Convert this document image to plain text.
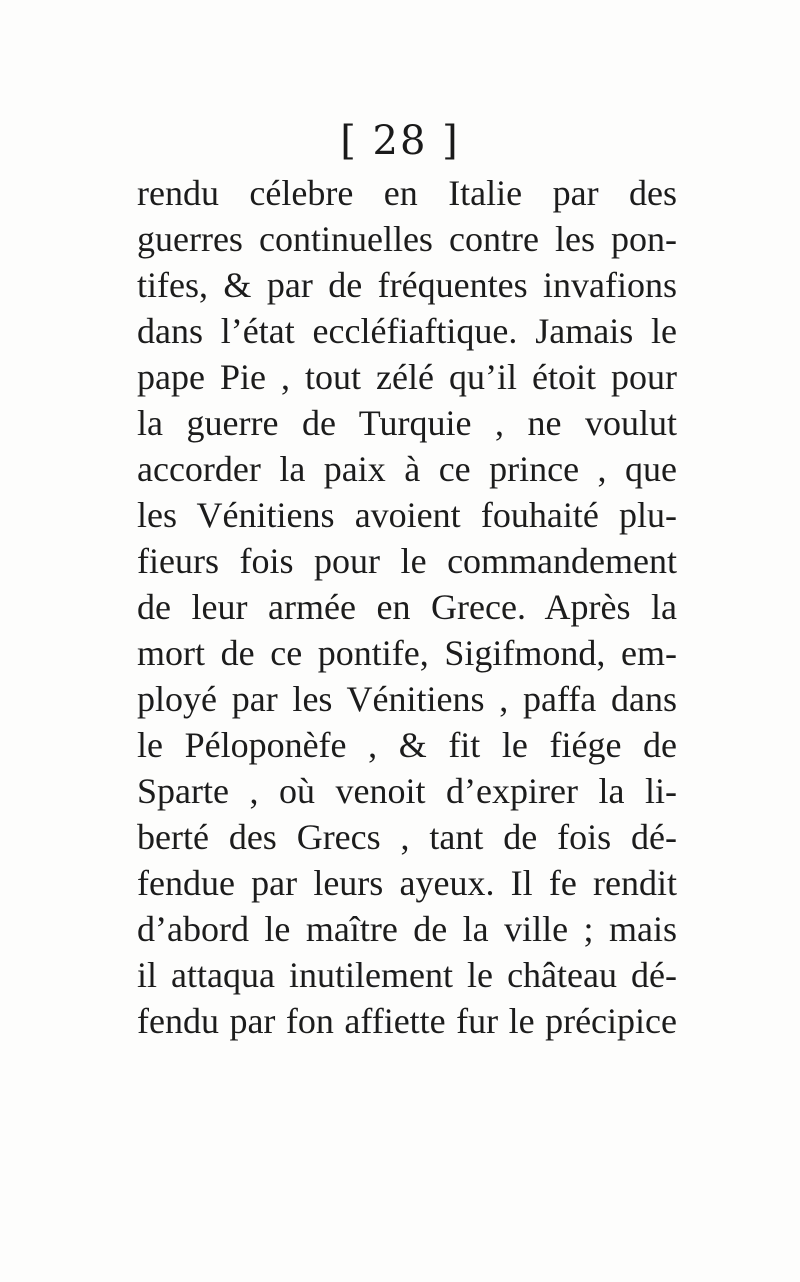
[ 28 ]
rendu célebre en Italie par des
guerres continuelles contre les pon-
tifes, & par de fréquentes invafions
dans l’état eccléfiaftique. Jamais le
pape Pie , tout zélé qu’il étoit pour
la guerre de Turquie , ne voulut
accorder la paix à ce prince , que
les Vénitiens avoient fouhaité plu-
fieurs fois pour le commandement
de leur armée en Grece. Après la
mort de ce pontife, Sigifmond, em-
ployé par les Vénitiens , paffa dans
le Péloponèfe , & fit le fiége de
Sparte , où venoit d’expirer la li-
berté des Grecs , tant de fois dé-
fendue par leurs ayeux. Il fe rendit
d’abord le maître de la ville ; mais
il attaqua inutilement le château dé-
fendu par fon affiette fur le précipice
